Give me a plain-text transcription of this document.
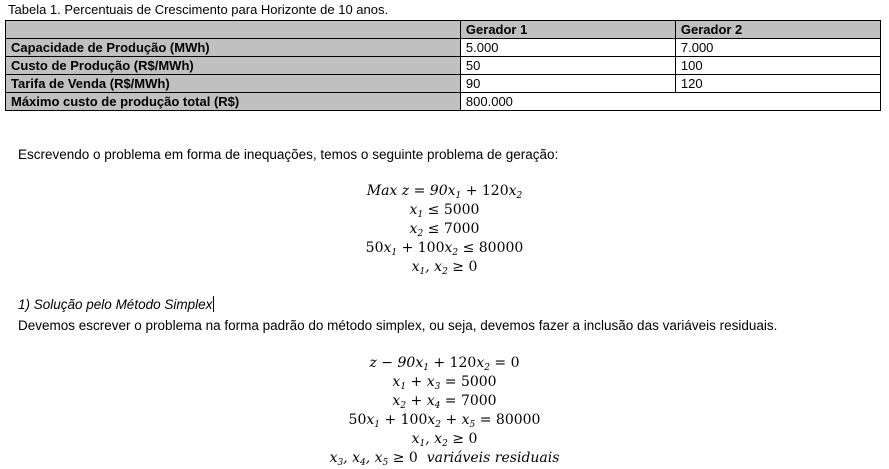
Tabela 1. Percentuais de Crescimento para Horizonte de 10 anos.
	Gerador 1	Gerador 2
Capacidade de Produção (MWh)	5.000	7.000
Custo de Produção (R$/MWh)	50	100
Tarifa de Venda (R$/MWh)	90	120
Máximo custo de produção total (R$)	800.000	
Escrevendo o problema em forma de inequações, temos o seguinte problema de geração:
Max $z = 90x_1 + 120x_2$
$x_1 \le 5000$
$x_2 \le 7000$
$50x_1 + 100x_2 \le 80000$
$x_1$, $x_2 \ge 0$
1) Solução pelo Método Simplex
Devemos escrever o problema na forma padrão do método simplex, ou seja, devemos fazer a inclusão das variáveis residuais.
$z - 90x_1 + 120x_2 = 0$
$x_1 + x_3 = 5000$
$x_2 + x_4 = 7000$
$50x_1 + 100x_2 + x_5 = 80000$
$x_1$, $x_2 \ge 0$
$x_3$, $x_4$, $x_5 \ge 0$ variáveis residuais
